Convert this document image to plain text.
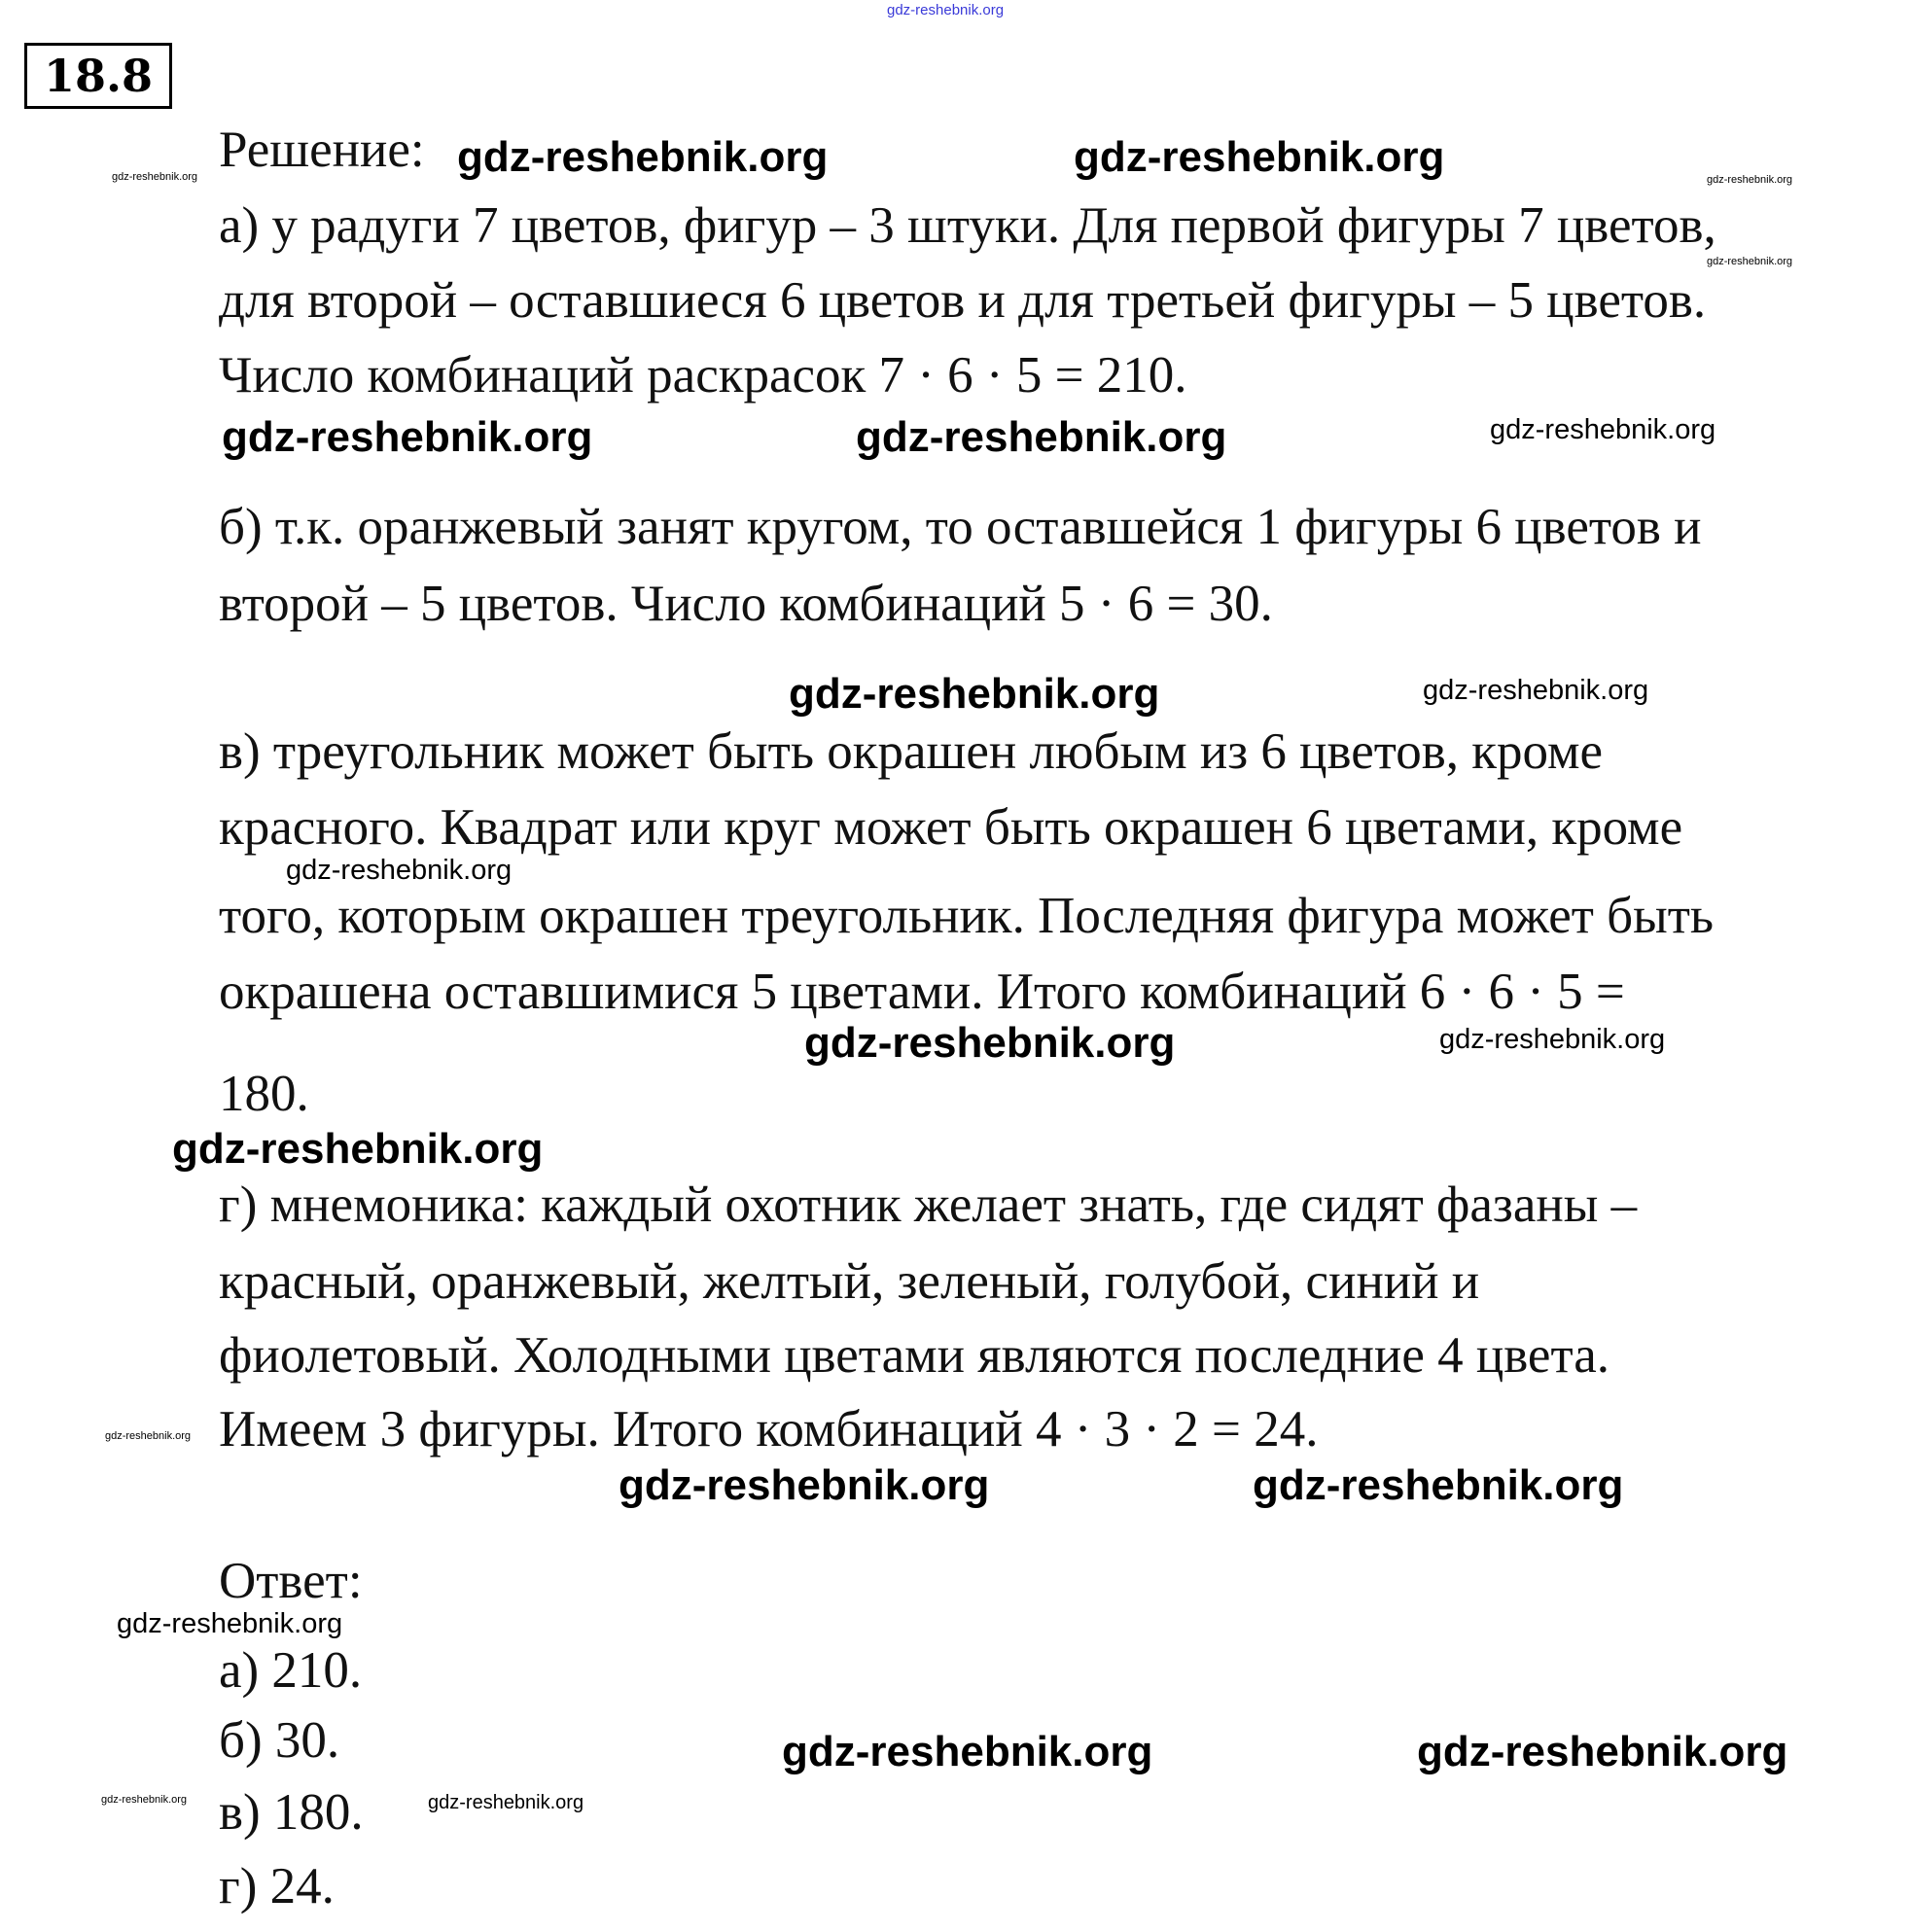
gdz-reshebnik.org
18.8
Решение: gdz-reshebnik.org	gdz-reshebnik.org
gdz-reshebnik.org	gdz-reshebnik.org
а) у радуги 7 цветов, фигур – 3 штуки. Для первой фигуры 7 цветов,
gdz-reshebnik.org
для второй – оставшиеся 6 цветов и для третьей фигуры – 5 цветов.
Число комбинаций раскрасок 7 · 6 · 5 = 210.
gdz-reshebnik.org	gdz-reshebnik.org	gdz-reshebnik.org
б) т.к. оранжевый занят кругом, то оставшейся 1 фигуры 6 цветов и
второй – 5 цветов. Число комбинаций 5 · 6 = 30.
gdz-reshebnik.org	gdz-reshebnik.org
в) треугольник может быть окрашен любым из 6 цветов, кроме
красного. Квадрат или круг может быть окрашен 6 цветами, кроме
gdz-reshebnik.org
того, которым окрашен треугольник. Последняя фигура может быть
окрашена оставшимися 5 цветами. Итого комбинаций 6 · 6 · 5 =
gdz-reshebnik.org	gdz-reshebnik.org
180.
gdz-reshebnik.org
г) мнемоника: каждый охотник желает знать, где сидят фазаны –
красный, оранжевый, желтый, зеленый, голубой, синий и
фиолетовый. Холодными цветами являются последние 4 цвета.
gdz-reshebnik.org Имеем 3 фигуры. Итого комбинаций 4 · 3 · 2 = 24.
gdz-reshebnik.org	gdz-reshebnik.org
Ответ:
gdz-reshebnik.org
а) 210.
б) 30.	gdz-reshebnik.org	gdz-reshebnik.org
gdz-reshebnik.org в) 180.	gdz-reshebnik.org
г) 24.
